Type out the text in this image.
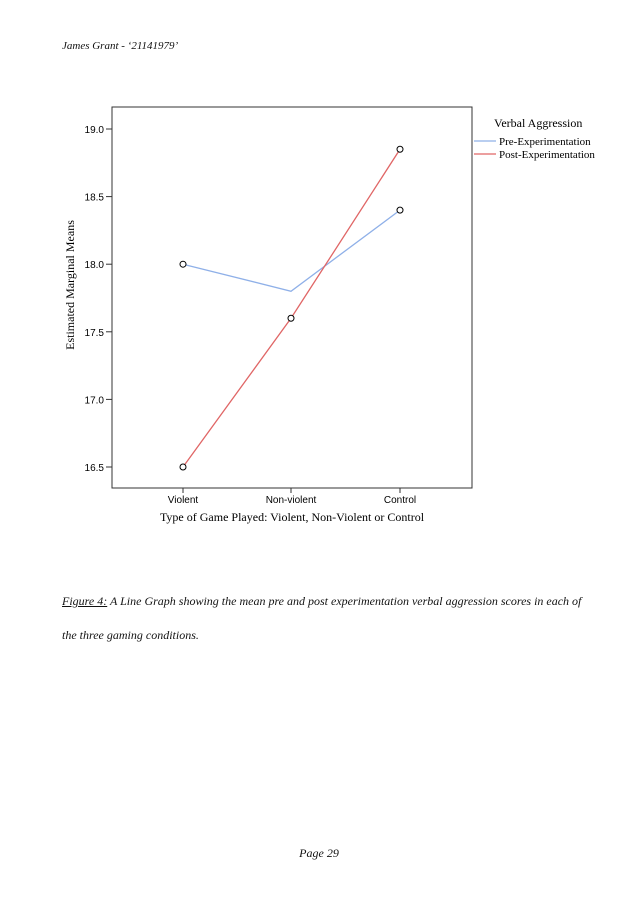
James Grant - ‘21141979’
16.5
17.0
17.5
18.0
18.5
19.0
Violent	Non-violent	Control
Estimated Marginal Means
Type of Game Played: Violent, Non-Violent or Control
Verbal Aggression
Pre-Experimentation
Post-Experimentation
Figure 4: A Line Graph showing the mean pre and post experimentation verbal aggression scores in each of the three gaming conditions.
Page 29
